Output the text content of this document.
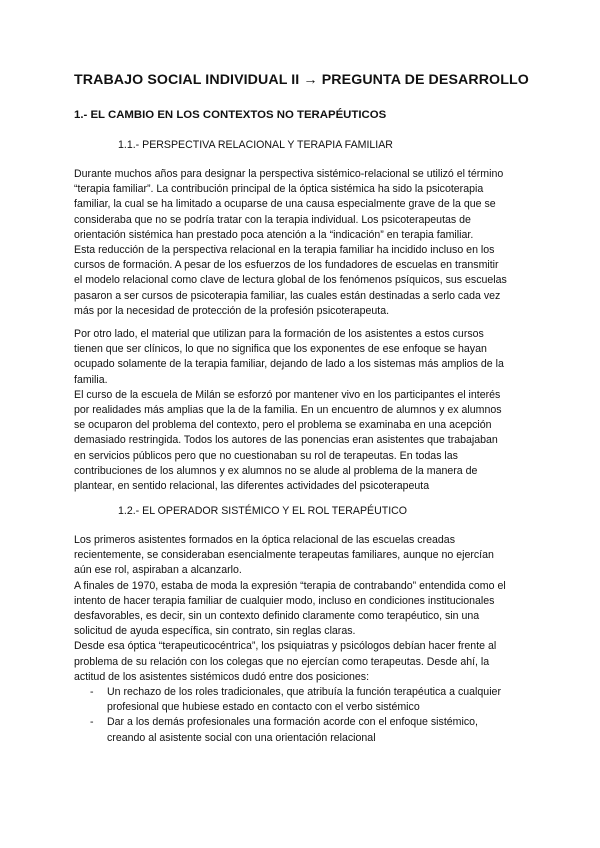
TRABAJO SOCIAL INDIVIDUAL II → PREGUNTA DE DESARROLLO
1.- EL CAMBIO EN LOS CONTEXTOS NO TERAPÉUTICOS
1.1.- PERSPECTIVA RELACIONAL Y TERAPIA FAMILIAR

Durante muchos años para designar la perspectiva sistémico-relacional se utilizó el término
“terapia familiar”. La contribución principal de la óptica sistémica ha sido la psicoterapia
familiar, la cual se ha limitado a ocuparse de una causa especialmente grave de la que se
consideraba que no se podría tratar con la terapia individual. Los psicoterapeutas de
orientación sistémica han prestado poca atención a la “indicación” en terapia familiar.
Esta reducción de la perspectiva relacional en la terapia familiar ha incidido incluso en los
cursos de formación. A pesar de los esfuerzos de los fundadores de escuelas en transmitir
el modelo relacional como clave de lectura global de los fenómenos psíquicos, sus escuelas
pasaron a ser cursos de psicoterapia familiar, las cuales están destinadas a serlo cada vez
más por la necesidad de protección de la profesión psicoterapeuta.

Por otro lado, el material que utilizan para la formación de los asistentes a estos cursos
tienen que ser clínicos, lo que no significa que los exponentes de ese enfoque se hayan
ocupado solamente de la terapia familiar, dejando de lado a los sistemas más amplios de la
familia.
El curso de la escuela de Milán se esforzó por mantener vivo en los participantes el interés
por realidades más amplias que la de la familia. En un encuentro de alumnos y ex alumnos
se ocuparon del problema del contexto, pero el problema se examinaba en una acepción
demasiado restringida. Todos los autores de las ponencias eran asistentes que trabajaban
en servicios públicos pero que no cuestionaban su rol de terapeutas. En todas las
contribuciones de los alumnos y ex alumnos no se alude al problema de la manera de
plantear, en sentido relacional, las diferentes actividades del psicoterapeuta

1.2.- EL OPERADOR SISTÉMICO Y EL ROL TERAPÉUTICO

Los primeros asistentes formados en la óptica relacional de las escuelas creadas
recientemente, se consideraban esencialmente terapeutas familiares, aunque no ejercían
aún ese rol, aspiraban a alcanzarlo.
A finales de 1970, estaba de moda la expresión “terapia de contrabando” entendida como el
intento de hacer terapia familiar de cualquier modo, incluso en condiciones institucionales
desfavorables, es decir, sin un contexto definido claramente como terapéutico, sin una
solicitud de ayuda específica, sin contrato, sin reglas claras.
Desde esa óptica “terapeuticocéntrica”, los psiquiatras y psicólogos debían hacer frente al
problema de su relación con los colegas que no ejercían como terapeutas. Desde ahí, la
actitud de los asistentes sistémicos dudó entre dos posiciones:

- Un rechazo de los roles tradicionales, que atribuía la función terapéutica a cualquier
profesional que hubiese estado en contacto con el verbo sistémico
- Dar a los demás profesionales una formación acorde con el enfoque sistémico,
creando al asistente social con una orientación relacional
